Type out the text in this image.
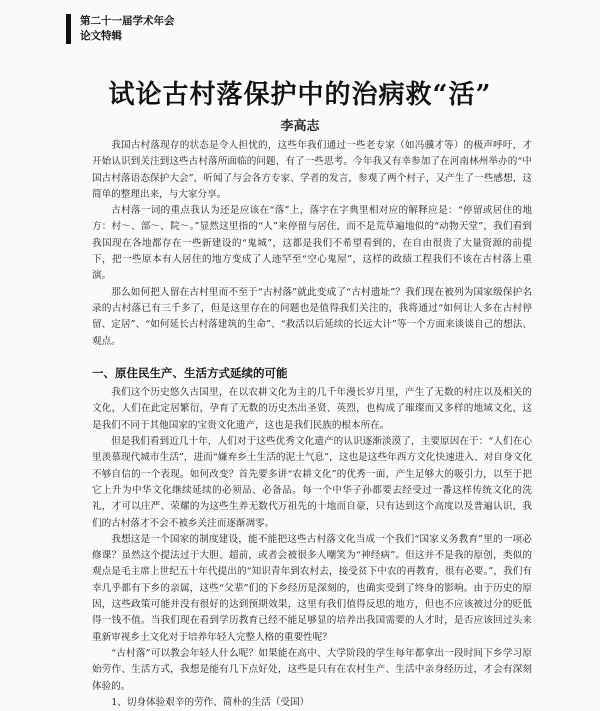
第二十一届学术年会
论文特辑
试论古村落保护中的治病救“活”
李高志

我国古村落现存的状态是令人担忧的，这些年我们通过一些老专家（如冯骥才等）的极声呼吁，才开始认识到关注到这些古村落所面临的问题，有了一些思考。今年我又有幸参加了在河南林州举办的“中国古村落语态保护大会”，听闻了与会各方专家、学者的发言，参观了两个村子，又产生了一些感想，这简单的整理出来，与大家分享。

古村落一词的重点我认为还是应该在“落”上，落字在字典里相对应的解释应是：“停留或居住的地方：村～、部～、院～。”显然这里指的“人”来停留与居住，而不是荒草遍地似的“动物天堂”，我们看到我国现在各地都存在一些新建设的“鬼城”，这都是我们不希望看到的，在自由很贵了大量资源的前提下，把一些原本有人居住的地方变成了人迹罕至“空心鬼屋”，这样的政绩工程我们不该在古村落上重演。

那么如何把人留在古村里而不至于“古村落”就此变成了“古村遗址”？我们现在被列为国家级保护名录的古村落已有三千多了，但是这里存在的问题也是值得我们关注的，我将通过“如何让人多在古村停留、定居”、“如何延长古村落建筑的生命”、“救活以后延续的长远大计”等一个方面来谈谈自己的想法、观点。

一、原住民生产、生活方式延续的可能

我们这个历史悠久古国里，在以农耕文化为主的几千年漫长岁月里，产生了无数的村庄以及相关的文化，人们在此定居繁衍，孕育了无数的历史杰出圣贤、英烈，也构成了璀璨而又多样的地域文化，这是我们不同于其他国家的宝贵文化遗产，这也是我们民族的根本所在。

但是我们看到近几十年，人们对于这些优秀文化遗产的认识逐渐淡漠了，主要原因在于：“人们在心里羡慕现代城市生活”，进而“嫌弃乡土生活的泥土气息”，这也是这些年西方文化快速进入、对自身文化不够自信的一个表现。如何改变？首先要多讲“农耕文化”的优秀一面，产生足够大的吸引力，以至于把它上升为中华文化继续延续的必须品、必备品。每一个中华子孙都要去经受过一番这样传统文化的洗礼，才可以庄严、荣耀的为这些生养无数代万祖先的十地而自豪，只有达到这个高度以及普遍认识，我们的古村落才不会不被乡关注而逐渐凋零。

我想这是一个国家的制度建设，能不能把这些古村落文化当成一个我们“国家义务教育”里的一项必修课？虽然这个提法过于大胆、超前，或者会被很多人嘲笑为“神经病”。但这并不是我的原创，类似的观点是毛主席上世纪五十年代提出的“知识青年到农村去，接受贫下中农的再教育，很有必要。”，我们有幸几乎都有下乡的亲属，这些“父辈”们的下乡经历是深刻的，也确实受到了终身的影响。由于历史的原因，这些政策可能并没有很好的达到预期效果，这里有我们值得反思的地方，但也不应该被过分的贬低得一钱不值。当我们现在看到学历教育已经不能足够显的培养出我国需要的人才时，是否应该回过头来重新审视乡土文化对于培养年轻人完整人格的重要性呢？

“古村落”可以教会年轻人什么呢？如果能在高中、大学阶段的学生每年都拿出一段时间下乡学习原始劳作、生活方式，我想是能有几下点好处，这些是只有在农村生产、生活中亲身经历过，才会有深刻体验的。

1、切身体验艰辛的劳作、简朴的生活（受国）
